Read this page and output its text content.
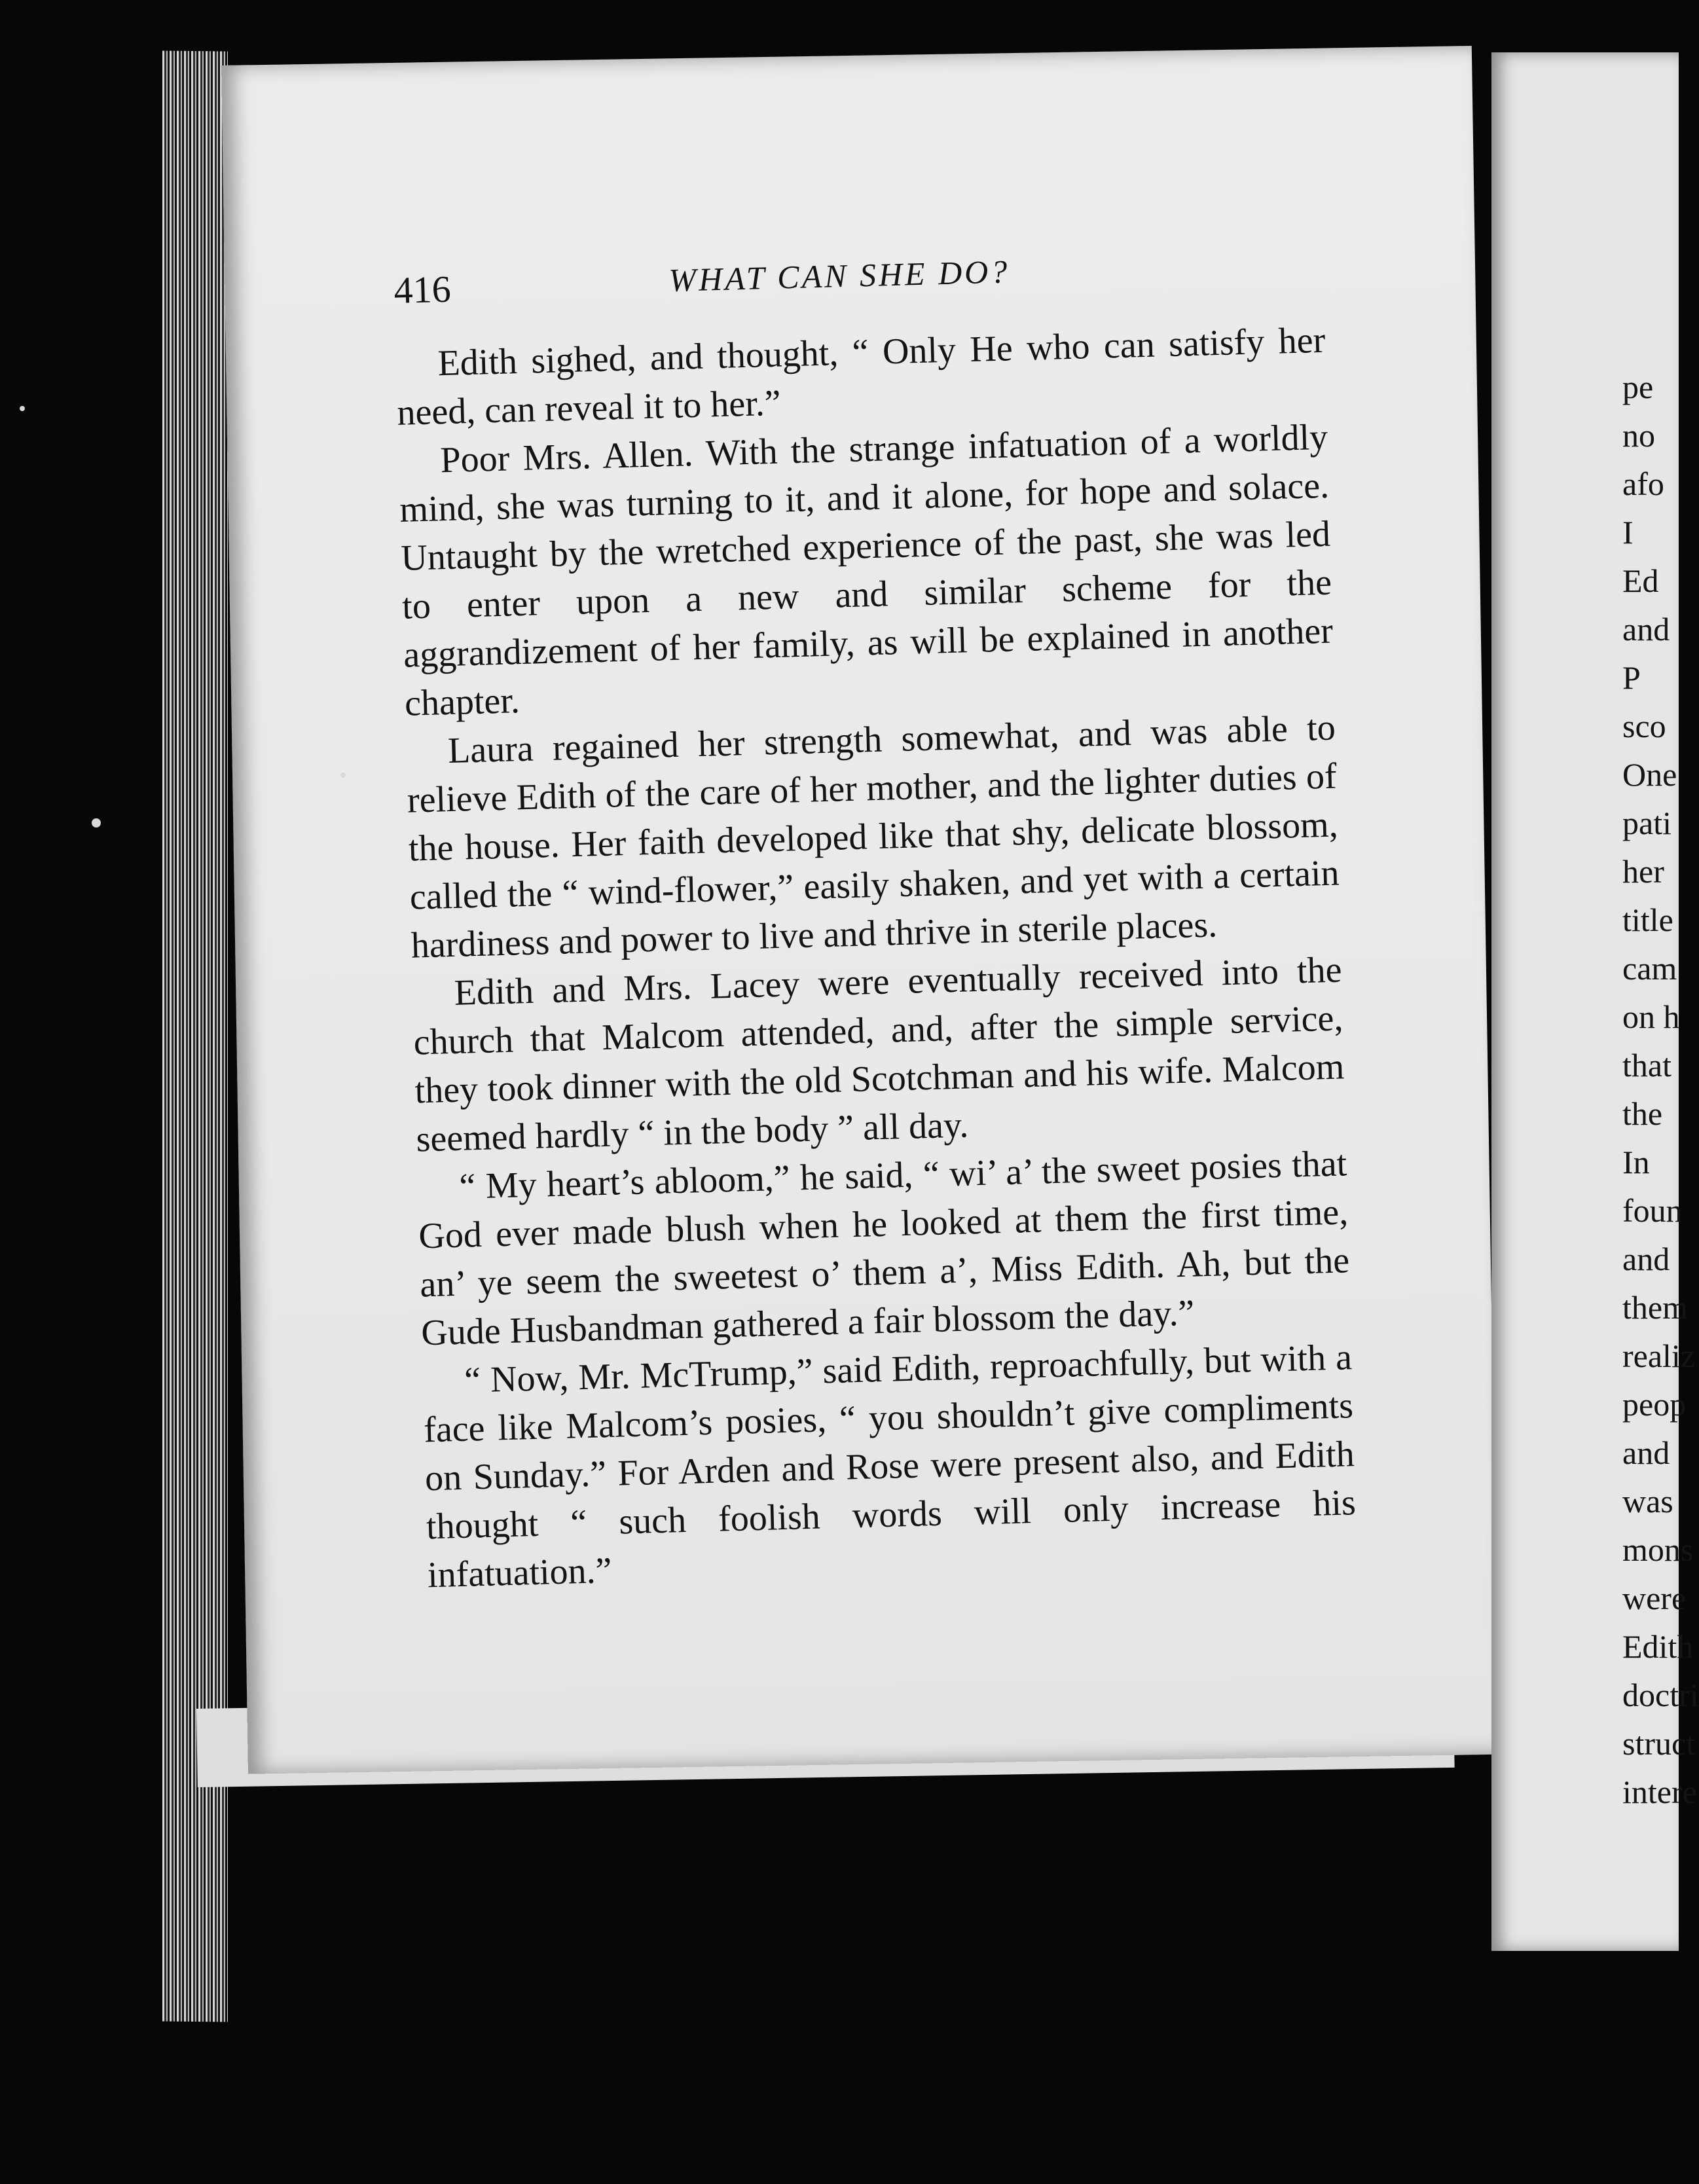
416	WHAT CAN SHE DO?

Edith sighed, and thought, “ Only He who can satisfy her need, can reveal it to her.”

Poor Mrs. Allen. With the strange infatuation of a worldly mind, she was turning to it, and it alone, for hope and solace. Untaught by the wretched experience of the past, she was led to enter upon a new and similar scheme for the aggrandizement of her family, as will be explained in another chapter.

Laura regained her strength somewhat, and was able to relieve Edith of the care of her mother, and the lighter duties of the house. Her faith developed like that shy, delicate blossom, called the “ wind-flower,” easily shaken, and yet with a certain hardiness and power to live and thrive in sterile places.

Edith and Mrs. Lacey were eventually received into the church that Malcom attended, and, after the simple service, they took dinner with the old Scotchman and his wife. Malcom seemed hardly “ in the body ” all day.

“ My heart’s abloom,” he said, “ wi’ a’ the sweet posies that God ever made blush when he looked at them the first time, an’ ye seem the sweetest o’ them a’, Miss Edith. Ah, but the Gude Husbandman gathered a fair blossom the day.”

“ Now, Mr. McTrump,” said Edith, reproachfully, but with a face like Malcom’s posies, “ you shouldn’t give compliments on Sunday.” For Arden and Rose were present also, and Edith thought “ such foolish words will only increase his infatuation.”

pe
no
afo
I
Ed
and
P
sco
One
pati
her
title
cam
on h
that
the
In
foun
and
them
realiz
peop
and
was
mons
were
Edith
doctri
struct
intere
